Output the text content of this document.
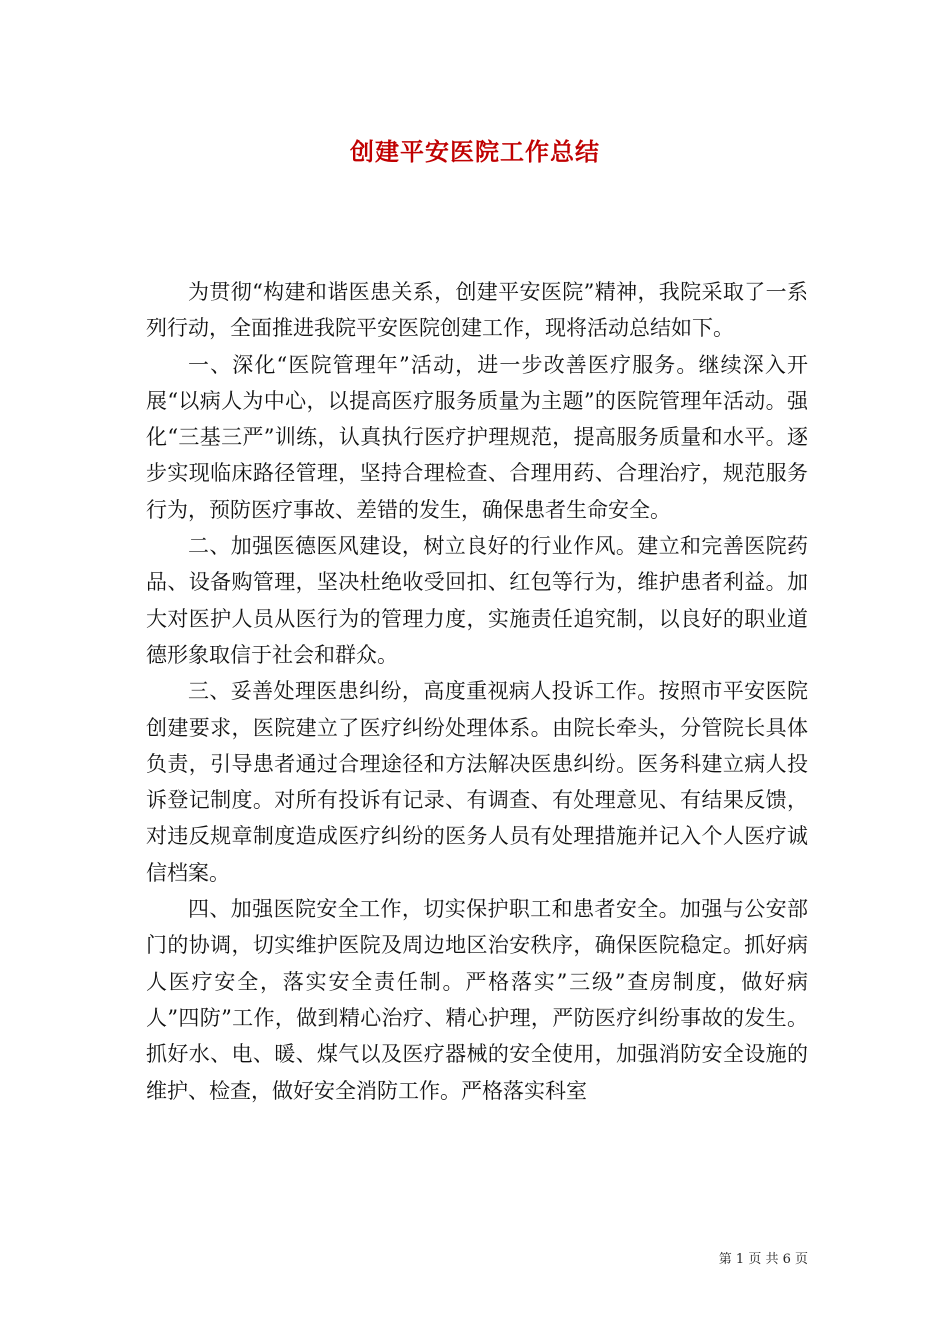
创建平安医院工作总结

为贯彻“构建和谐医患关系，创建平安医院”精神，我院采取了一系列行动，全面推进我院平安医院创建工作，现将活动总结如下。

一、深化“医院管理年”活动，进一步改善医疗服务。继续深入开展“以病人为中心，以提高医疗服务质量为主题”的医院管理年活动。强化“三基三严”训练，认真执行医疗护理规范，提高服务质量和水平。逐步实现临床路径管理，坚持合理检查、合理用药、合理治疗，规范服务行为，预防医疗事故、差错的发生，确保患者生命安全。

二、加强医德医风建设，树立良好的行业作风。建立和完善医院药品、设备购管理，坚决杜绝收受回扣、红包等行为，维护患者利益。加大对医护人员从医行为的管理力度，实施责任追究制，以良好的职业道德形象取信于社会和群众。

三、妥善处理医患纠纷，高度重视病人投诉工作。按照市平安医院创建要求，医院建立了医疗纠纷处理体系。由院长牵头，分管院长具体负责，引导患者通过合理途径和方法解决医患纠纷。医务科建立病人投诉登记制度。对所有投诉有记录、有调查、有处理意见、有结果反馈，对违反规章制度造成医疗纠纷的医务人员有处理措施并记入个人医疗诚信档案。

四、加强医院安全工作，切实保护职工和患者安全。加强与公安部门的协调，切实维护医院及周边地区治安秩序，确保医院稳定。抓好病人医疗安全，落实安全责任制。严格落实”三级”查房制度，做好病人”四防”工作，做到精心治疗、精心护理，严防医疗纠纷事故的发生。抓好水、电、暖、煤气以及医疗器械的安全使用，加强消防安全设施的维护、检查，做好安全消防工作。严格落实科室

第 1 页 共 6 页
